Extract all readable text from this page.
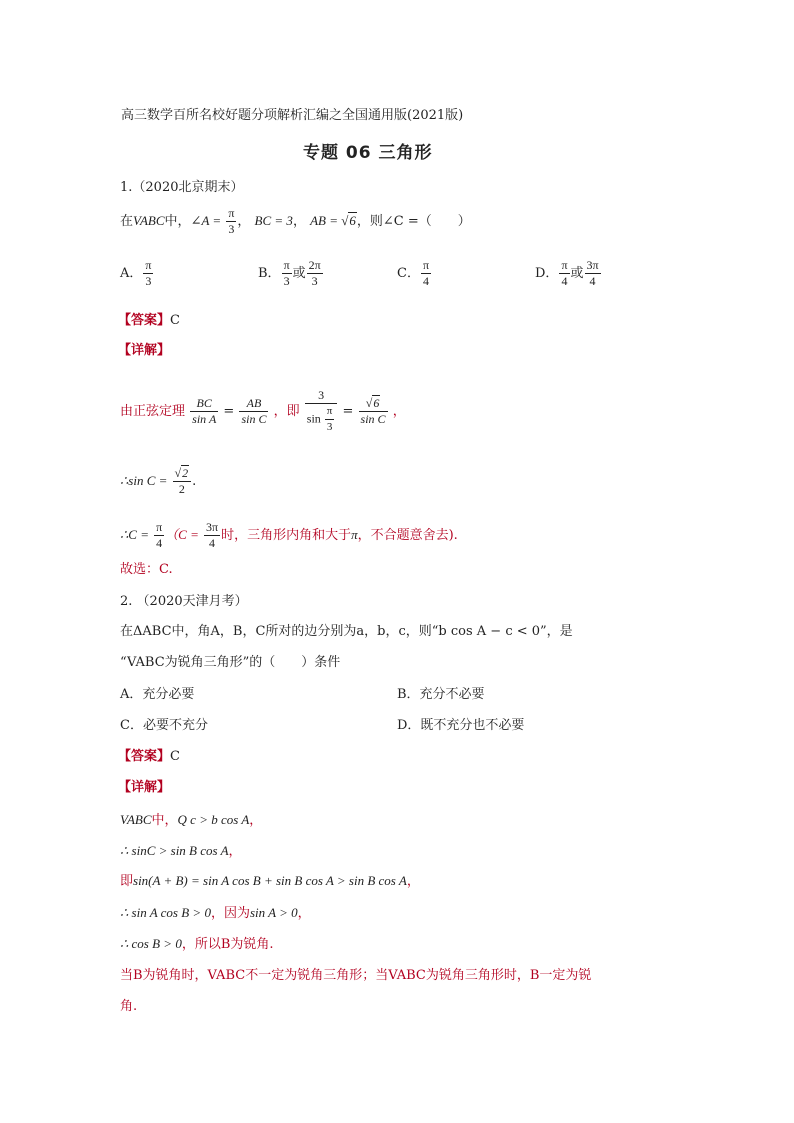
高三数学百所名校好题分项解析汇编之全国通用版(2021版)
专题 06 三角形
1.（2020北京期末）
在VABC中，∠A = $\frac{\pi}{3}$ ， BC = 3， AB = √6，则∠C =（　　）
A． $\frac{\pi}{3}$	B． $\frac{\pi}{3}$ 或 $\frac{2\pi}{3}$	C． $\frac{\pi}{4}$	D． $\frac{\pi}{4}$ 或 $\frac{3\pi}{4}$
【答案】C
【详解】
由正弦定理 $\frac{BC}{\text{sin A}} = \frac{AB}{\text{sin C}}$ ，即 $\frac{3}{\sin \frac{\pi}{3}} = \frac{√6}{\text{sin C}}$ ，
∴sin $C = \frac{√2}{2}$ .
∴C = $\frac{\pi}{4} (C = \frac{3\pi}{4}$ 时，三角形内角和大于π，不合题意舍去).
故选：C.
2. （2020天津月考）
在ΔABC中，角A，B，C所对的边分别为a，b，c，则“b cos A − c < 0”，是
“VABC为锐角三角形”的（　　）条件
A．充分必要	B．充分不必要
C．必要不充分	D．既不充分也不必要
【答案】C
【详解】
VABC中，Q c > b cos A，
∴ sinC > sin B cos A，
即sin(A + B) = sin A cos B + sin B cos A > sin B cos A，
∴ sin A cos B > 0，因为sin A > 0，
∴ cos B > 0，所以B为锐角.
当B为锐角时，VABC不一定为锐角三角形；当VABC为锐角三角形时，B一定为锐
角.
